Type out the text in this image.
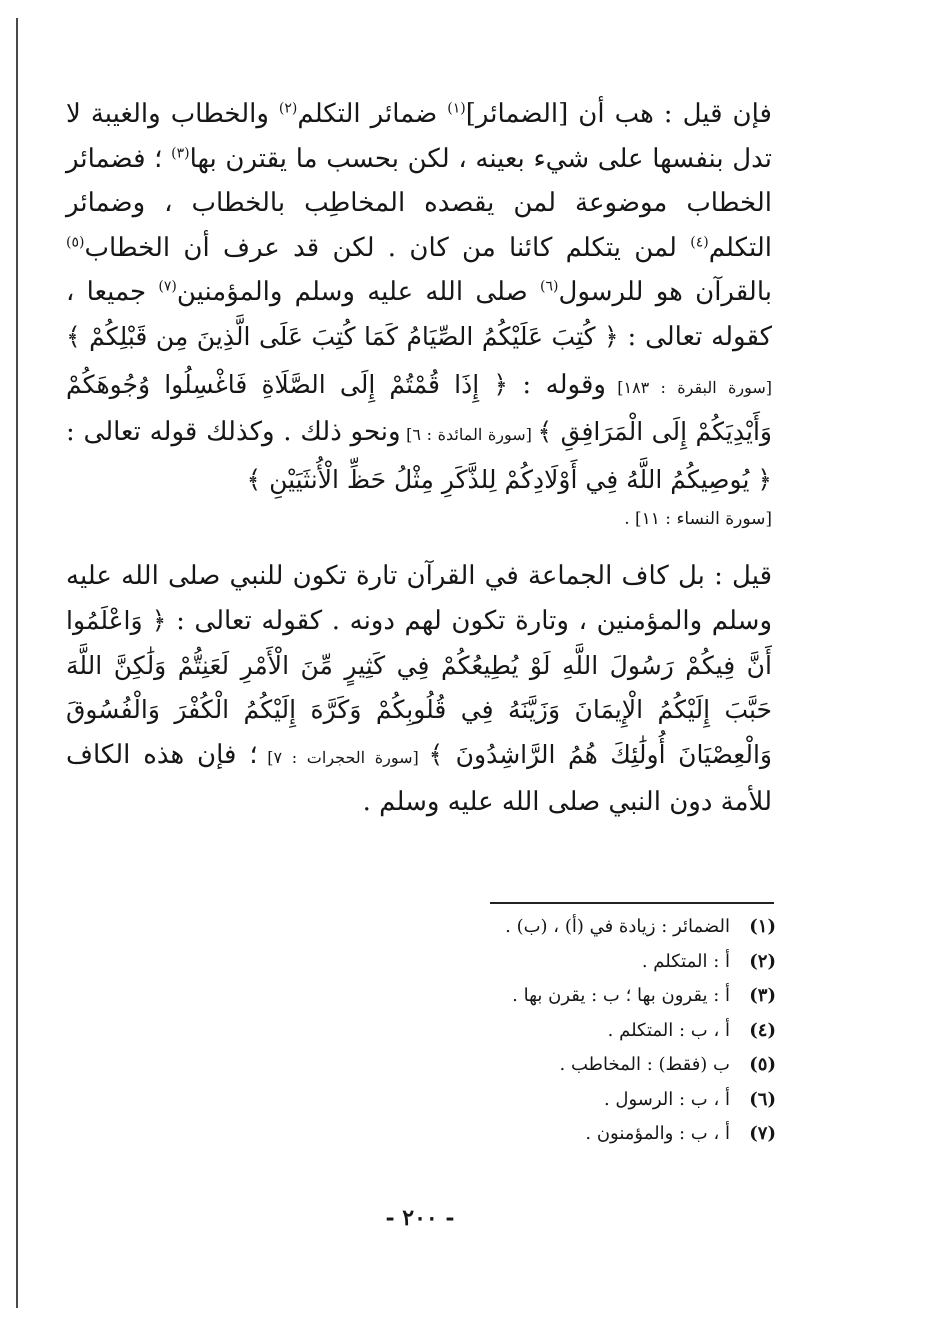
فإن قيل : هب أن [الضمائر]$^{(١)}$ ضمائر التكلم$^{(٢)}$ والخطاب والغيبة لا تدل بنفسها على شيء بعينه ، لكن بحسب ما يقترن بها$^{(٣)}$ ؛ فضمائر الخطاب موضوعة لمن يقصده المخاطِب بالخطاب ، وضمائر التكلم$^{(٤)}$ لمن يتكلم كائنا من كان . لكن قد عرف أن الخطاب$^{(٥)}$ بالقرآن هو للرسول$^{(٦)}$ صلى الله عليه وسلم والمؤمنين$^{(٧)}$ جميعا ، كقوله تعالى : ﴿ كُتِبَ عَلَيْكُمُ الصِّيَامُ كَمَا كُتِبَ عَلَى الَّذِينَ مِن قَبْلِكُمْ ﴾ [سورة البقرة : ١٨٣] وقوله : ﴿ إِذَا قُمْتُمْ إِلَى الصَّلَاةِ فَاغْسِلُوا وُجُوهَكُمْ وَأَيْدِيَكُمْ إِلَى الْمَرَافِقِ ﴾ [سورة المائدة : ٦] ونحو ذلك . وكذلك قوله تعالى : ﴿ يُوصِيكُمُ اللَّهُ فِي أَوْلَادِكُمْ لِلذَّكَرِ مِثْلُ حَظِّ الْأُنثَيَيْنِ ﴾

[سورة النساء : ١١] .

قيل : بل كاف الجماعة في القرآن تارة تكون للنبي صلى الله عليه وسلم والمؤمنين ، وتارة تكون لهم دونه . كقوله تعالى : ﴿ وَاعْلَمُوا أَنَّ فِيكُمْ رَسُولَ اللَّهِ لَوْ يُطِيعُكُمْ فِي كَثِيرٍ مِّنَ الْأَمْرِ لَعَنِتُّمْ وَلَٰكِنَّ اللَّهَ حَبَّبَ إِلَيْكُمُ الْإِيمَانَ وَزَيَّنَهُ فِي قُلُوبِكُمْ وَكَرَّهَ إِلَيْكُمُ الْكُفْرَ وَالْفُسُوقَ وَالْعِصْيَانَ أُولَٰئِكَ هُمُ الرَّاشِدُونَ ﴾ [سورة الحجرات : ٧] ؛ فإن هذه الكاف للأمة دون النبي صلى الله عليه وسلم .

(١)
الضمائر : زيادة في (أ) ، (ب) .
(٢)
أ : المتكلم .
(٣)
أ : يقرون بها ؛ ب : يقرن بها .
(٤)
أ ، ب : المتكلم .
(٥)
ب (فقط) : المخاطب .
(٦)
أ ، ب : الرسول .
(٧)
أ ، ب : والمؤمنون .
- ٢٠٠ -
